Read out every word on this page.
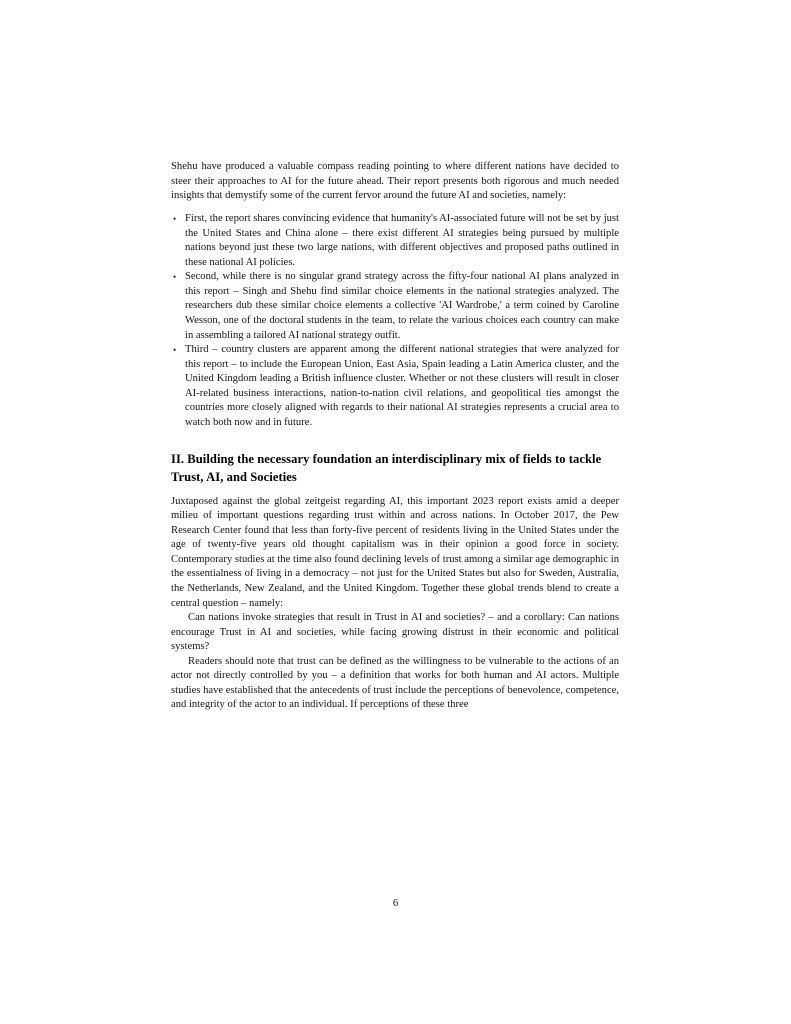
Shehu have produced a valuable compass reading pointing to where different nations have decided to steer their approaches to AI for the future ahead. Their report presents both rigorous and much needed insights that demystify some of the current fervor around the future AI and societies, namely:

• First, the report shares convincing evidence that humanity's AI-associated future will not be set by just the United States and China alone – there exist different AI strategies being pursued by multiple nations beyond just these two large nations, with different objectives and proposed paths outlined in these national AI policies.
• Second, while there is no singular grand strategy across the fifty-four national AI plans analyzed in this report – Singh and Shehu find similar choice elements in the national strategies analyzed. The researchers dub these similar choice elements a collective 'AI Wardrobe,' a term coined by Caroline Wesson, one of the doctoral students in the team, to relate the various choices each country can make in assembling a tailored AI national strategy outfit.
• Third – country clusters are apparent among the different national strategies that were analyzed for this report – to include the European Union, East Asia, Spain leading a Latin America cluster, and the United Kingdom leading a British influence cluster. Whether or not these clusters will result in closer AI-related business interactions, nation-to-nation civil relations, and geopolitical ties amongst the countries more closely aligned with regards to their national AI strategies represents a crucial area to watch both now and in future.
II. Building the necessary foundation an interdisciplinary mix of fields to tackle Trust, AI, and Societies

Juxtaposed against the global zeitgeist regarding AI, this important 2023 report exists amid a deeper milieu of important questions regarding trust within and across nations. In October 2017, the Pew Research Center found that less than forty-five percent of residents living in the United States under the age of twenty-five years old thought capitalism was in their opinion a good force in society. Contemporary studies at the time also found declining levels of trust among a similar age demographic in the essentialness of living in a democracy – not just for the United States but also for Sweden, Australia, the Netherlands, New Zealand, and the United Kingdom. Together these global trends blend to create a central question – namely:

Can nations invoke strategies that result in Trust in AI and societies? – and a corollary: Can nations encourage Trust in AI and societies, while facing growing distrust in their economic and political systems?

Readers should note that trust can be defined as the willingness to be vulnerable to the actions of an actor not directly controlled by you – a definition that works for both human and AI actors. Multiple studies have established that the antecedents of trust include the perceptions of benevolence, competence, and integrity of the actor to an individual. If perceptions of these three

6
